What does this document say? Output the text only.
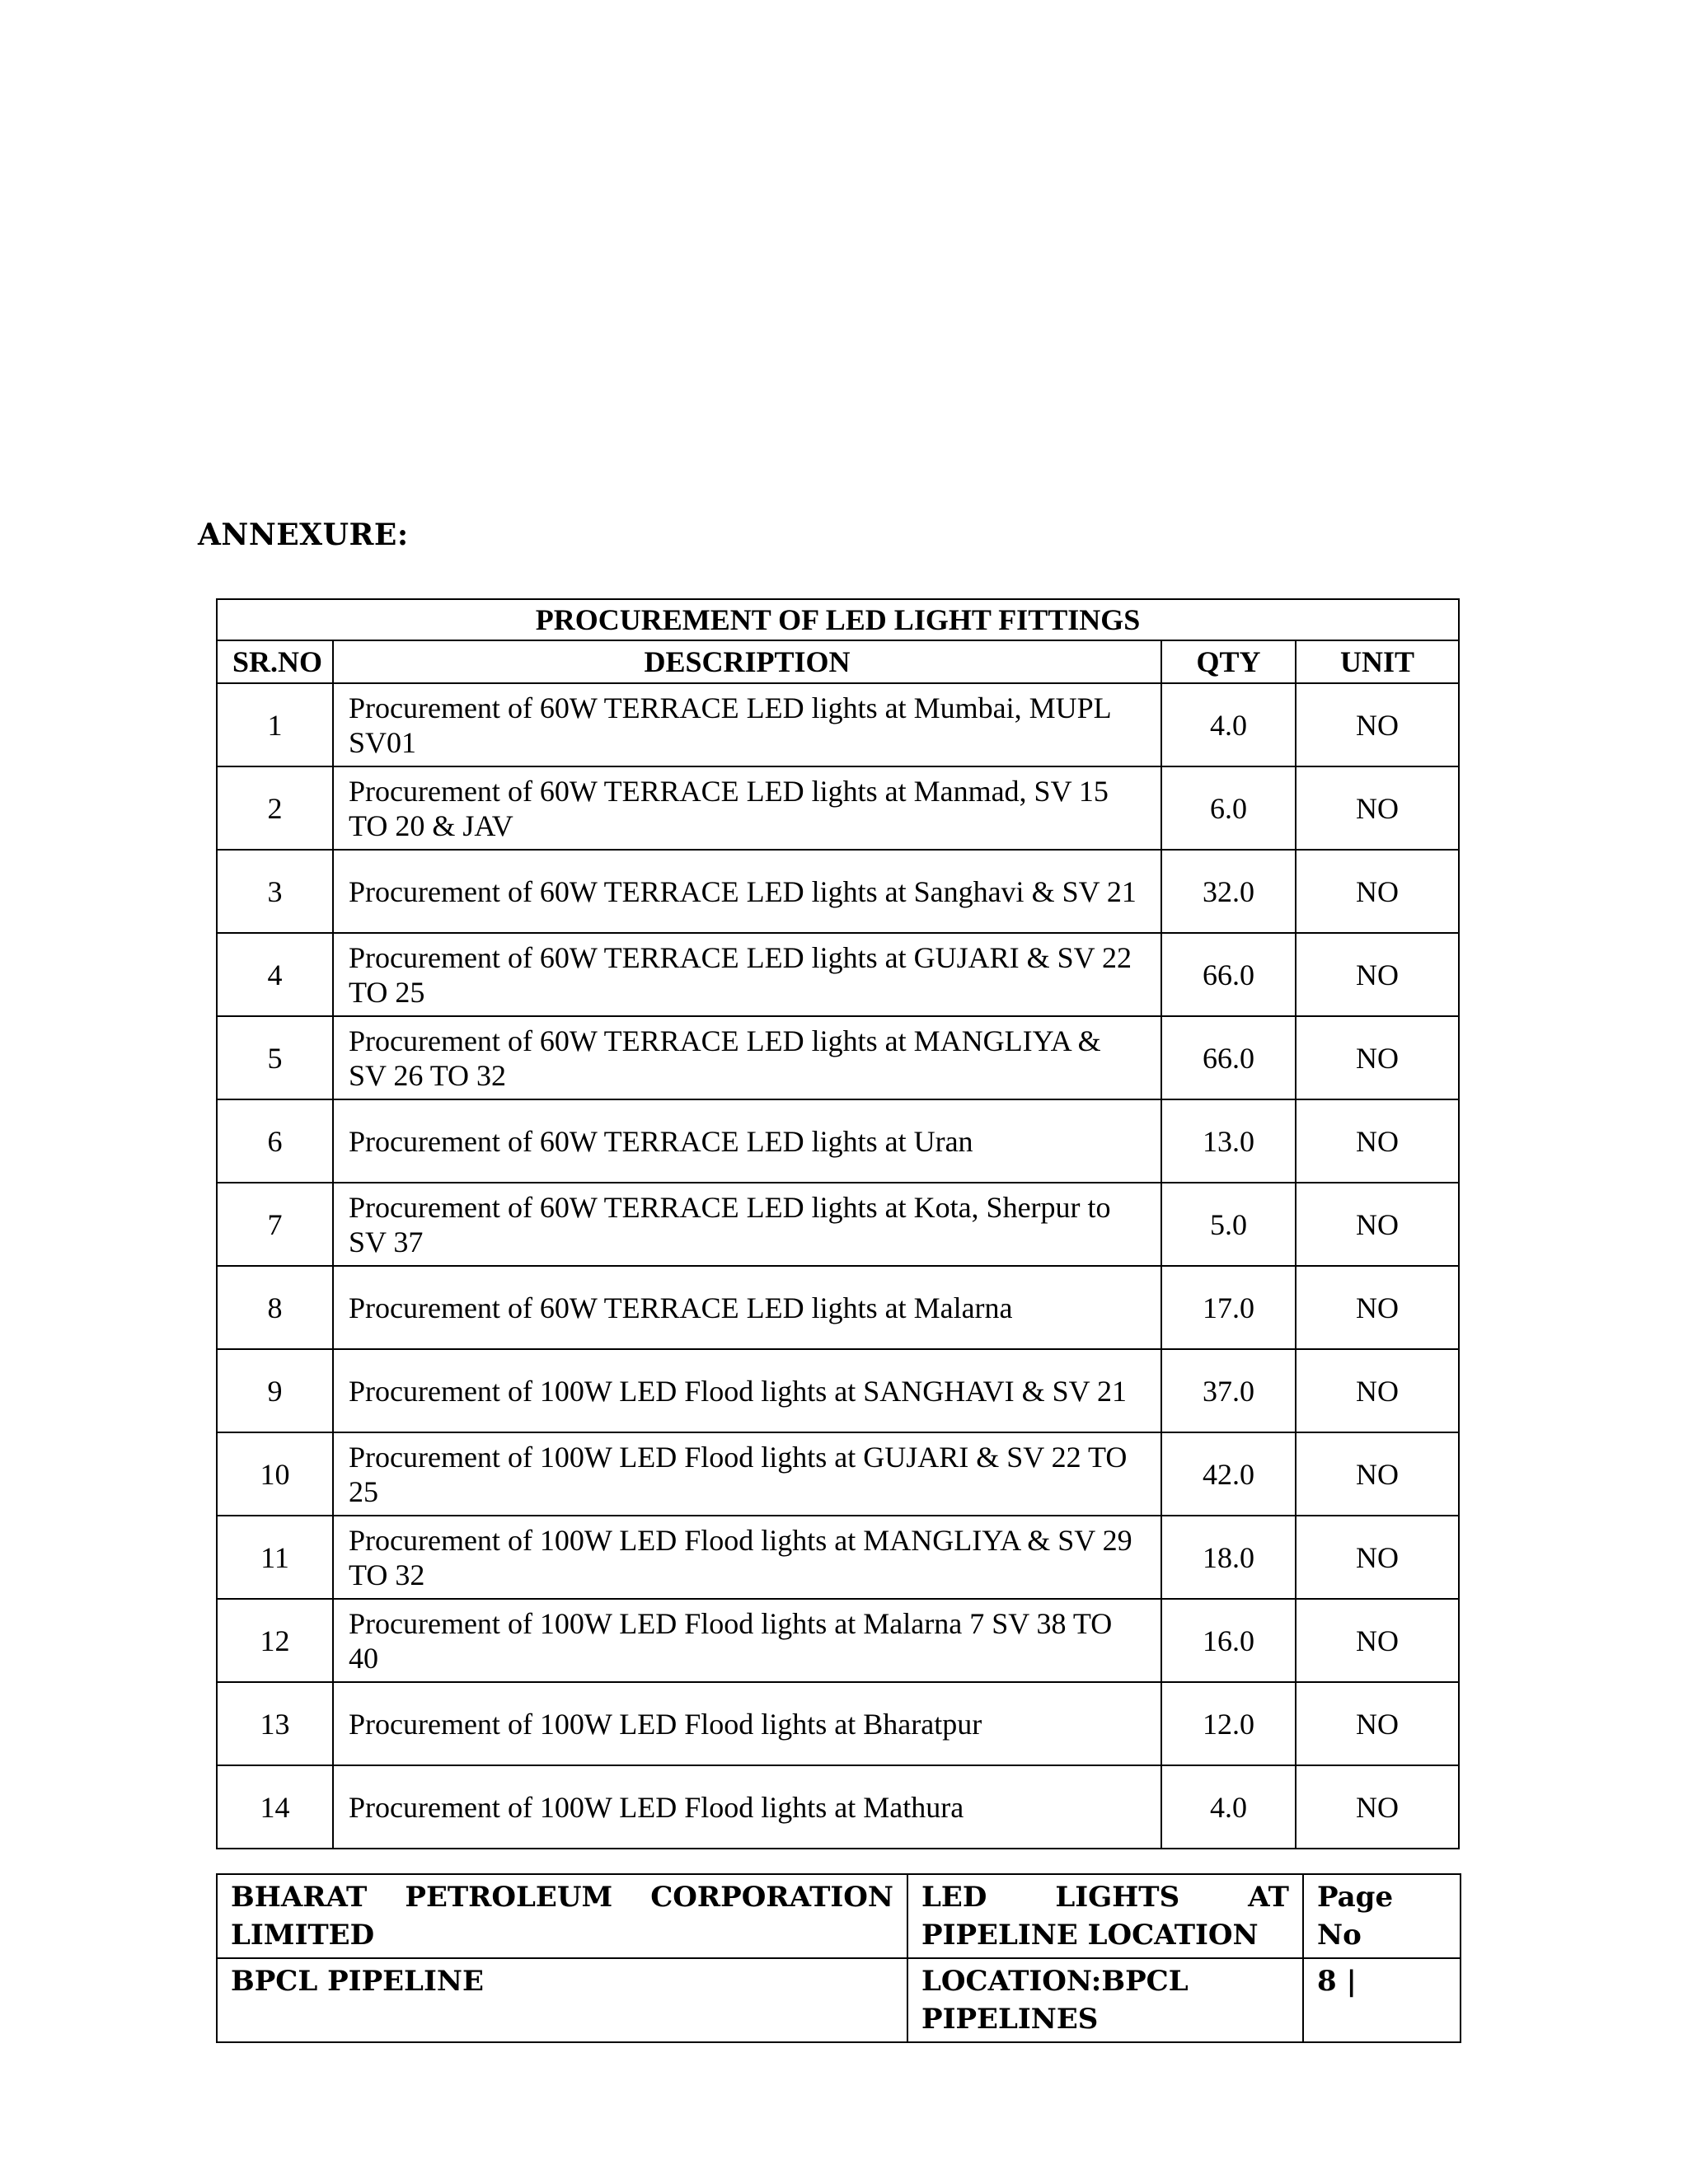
ANNEXURE:
PROCUREMENT OF LED LIGHT FITTINGS			
SR.NO	DESCRIPTION	QTY	UNIT
1	Procurement of 60W TERRACE LED lights at Mumbai, MUPL SV01	4.0	NO
2	Procurement of 60W TERRACE LED lights at Manmad, SV 15 TO 20 & JAV	6.0	NO
3	Procurement of 60W TERRACE LED lights at Sanghavi & SV 21	32.0	NO
4	Procurement of 60W TERRACE LED lights at GUJARI & SV 22 TO 25	66.0	NO
5	Procurement of 60W TERRACE LED lights at MANGLIYA & SV 26 TO 32	66.0	NO
6	Procurement of 60W TERRACE LED lights at Uran	13.0	NO
7	Procurement of 60W TERRACE LED lights at Kota, Sherpur to SV 37	5.0	NO
8	Procurement of 60W TERRACE LED lights at Malarna	17.0	NO
9	Procurement of 100W LED Flood lights at SANGHAVI & SV 21	37.0	NO
10	Procurement of 100W LED Flood lights at GUJARI & SV 22 TO 25	42.0	NO
11	Procurement of 100W LED Flood lights at MANGLIYA & SV 29 TO 32	18.0	NO
12	Procurement of 100W LED Flood lights at Malarna 7 SV 38 TO 40	16.0	NO
13	Procurement of 100W LED Flood lights at Bharatpur	12.0	NO
14	Procurement of 100W LED Flood lights at Mathura	4.0	NO
BHARAT PETROLEUM CORPORATION LIMITED	LED LIGHTS AT PIPELINE LOCATION	Page No
BPCL PIPELINE	LOCATION:BPCL PIPELINES	8 |
